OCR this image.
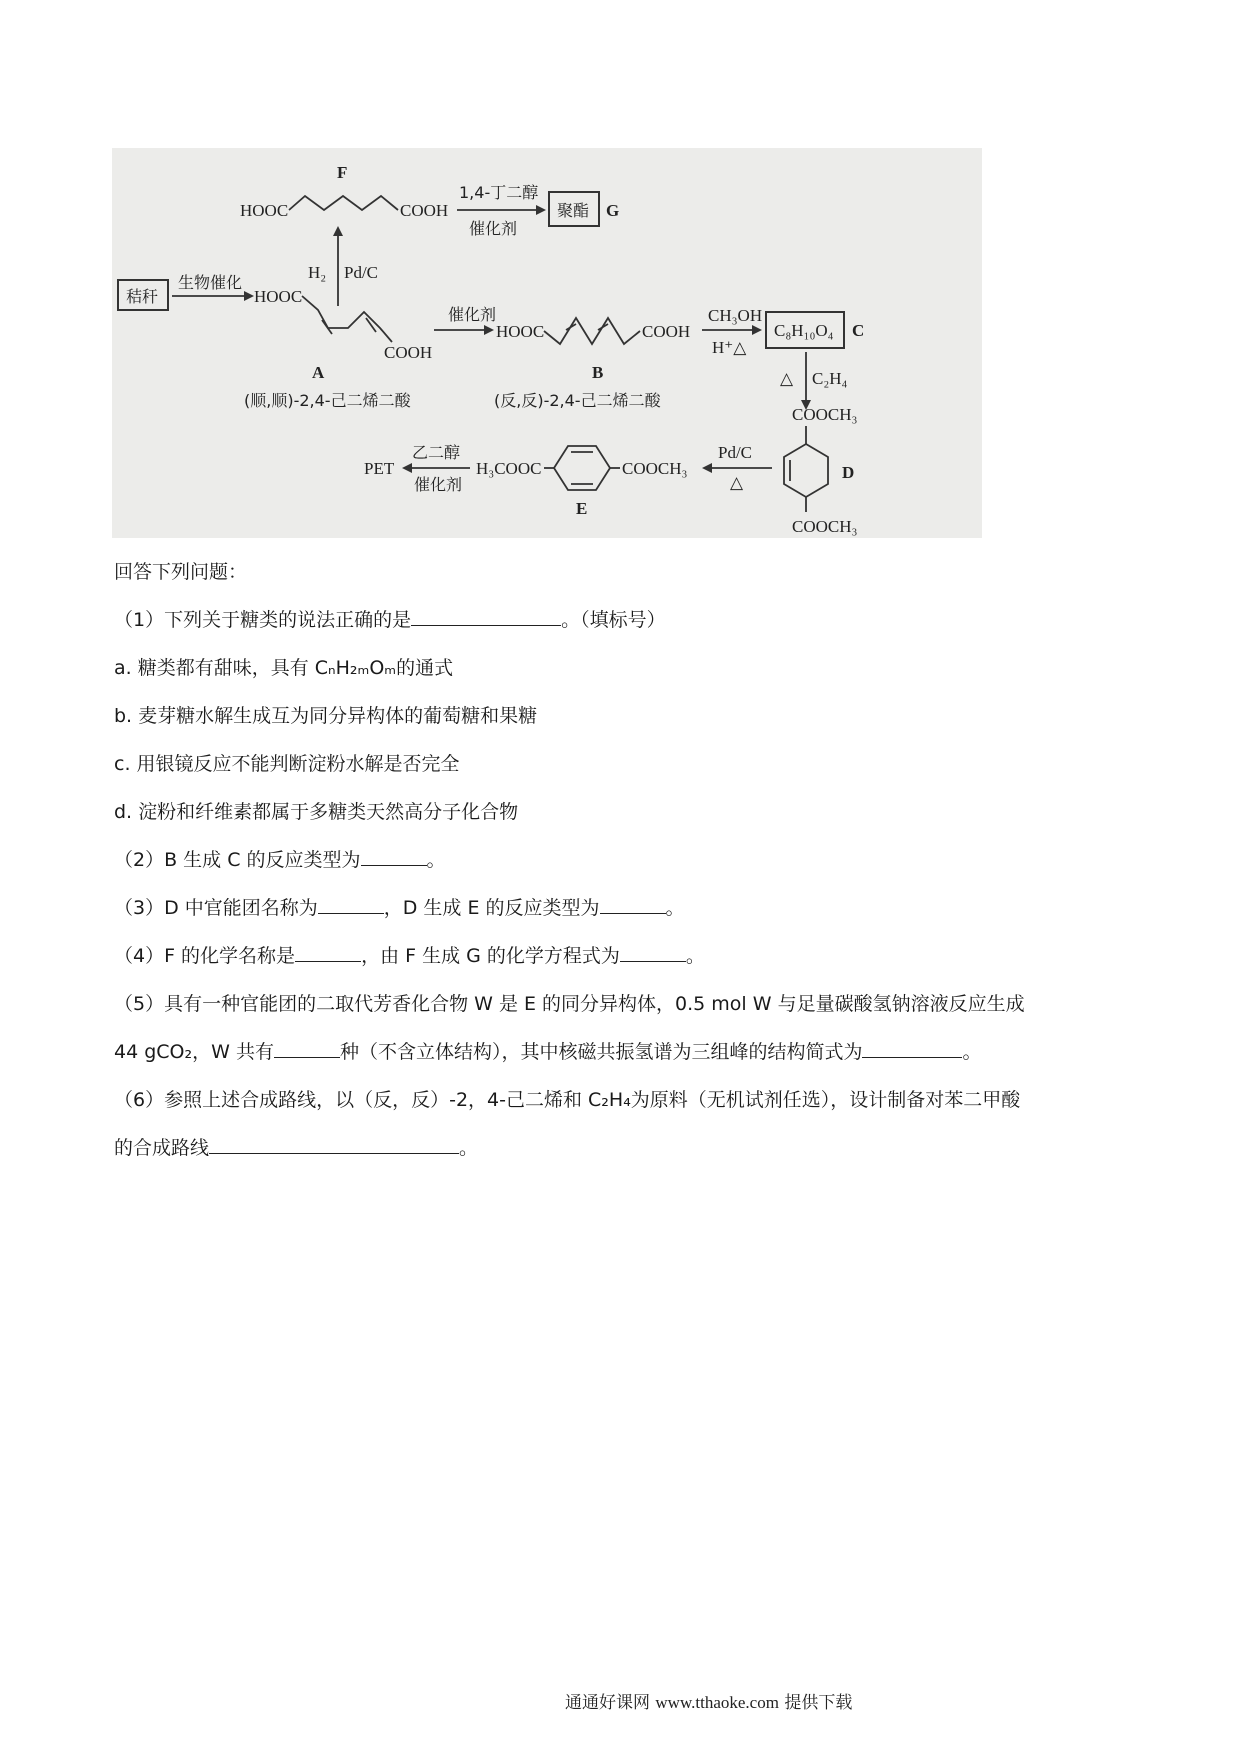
F
HOOC	COOH
1,4-丁二醇
催化剂
聚酯 G
H₂ Pd/C
秸秆
生物催化
HOOC
COOH
A
(顺,顺)-2,4-己二烯二酸
催化剂
HOOC	COOH
B
(反,反)-2,4-己二烯二酸
CH₃OH
H⁺△
C₈H₁₀O₄ C
△ C₂H₄
COOCH₃
COOCH₃
D
Pd/C
△
H₃COOC	COOCH₃
E
乙二醇
催化剂
PET

回答下列问题：

（1）下列关于糖类的说法正确的是	。（填标号）

a. 糖类都有甜味，具有 CₙH₂ₘOₘ的通式

b. 麦芽糖水解生成互为同分异构体的葡萄糖和果糖

c. 用银镜反应不能判断淀粉水解是否完全

d. 淀粉和纤维素都属于多糖类天然高分子化合物

（2）B 生成 C 的反应类型为	。

（3）D 中官能团名称为	，D 生成 E 的反应类型为	。

（4）F 的化学名称是	，由 F 生成 G 的化学方程式为	。

（5）具有一种官能团的二取代芳香化合物 W 是 E 的同分异构体，0.5 mol W 与足量碳酸氢钠溶液反应生成

44 gCO₂，W 共有	种（不含立体结构），其中核磁共振氢谱为三组峰的结构简式为	。

（6）参照上述合成路线，以（反，反）-2，4-己二烯和 C₂H₄为原料（无机试剂任选），设计制备对苯二甲酸

的合成路线	。

通通好课网 www.tthaoke.com 提供下载
